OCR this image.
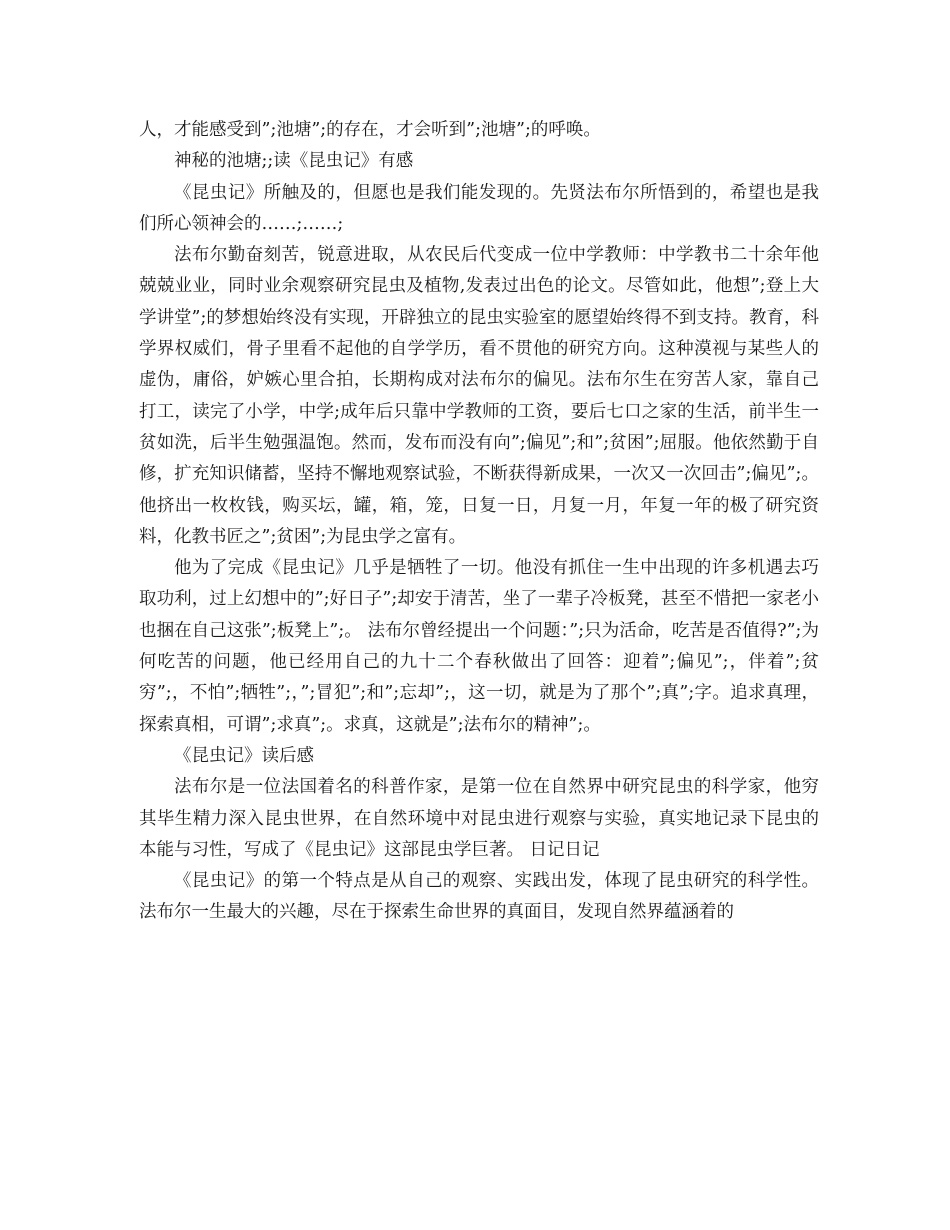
人，才能感受到”;池塘”;的存在，才会听到”;池塘”;的呼唤。

神秘的池塘;;读《昆虫记》有感

《昆虫记》所触及的，但愿也是我们能发现的。先贤法布尔所悟到的，希望也是我们所心领神会的……;……;

法布尔勤奋刻苦，锐意进取，从农民后代变成一位中学教师：中学教书二十余年他兢兢业业，同时业余观察研究昆虫及植物,发表过出色的论文。尽管如此，他想”;登上大学讲堂”;的梦想始终没有实现，开辟独立的昆虫实验室的愿望始终得不到支持。教育，科学界权威们，骨子里看不起他的自学学历，看不贯他的研究方向。这种漠视与某些人的虚伪，庸俗，妒嫉心里合拍，长期构成对法布尔的偏见。法布尔生在穷苦人家，靠自己打工，读完了小学，中学;成年后只靠中学教师的工资，要后七口之家的生活，前半生一贫如洗，后半生勉强温饱。然而，发布而没有向”;偏见”;和”;贫困”;屈服。他依然勤于自修，扩充知识储蓄，坚持不懈地观察试验，不断获得新成果，一次又一次回击”;偏见”;。他挤出一枚枚钱，购买坛，罐，箱，笼，日复一日，月复一月，年复一年的极了研究资料，化教书匠之”;贫困”;为昆虫学之富有。

他为了完成《昆虫记》几乎是牺牲了一切。他没有抓住一生中出现的许多机遇去巧取功利，过上幻想中的”;好日子”;却安于清苦，坐了一辈子冷板凳，甚至不惜把一家老小也捆在自己这张”;板凳上”;。 法布尔曾经提出一个问题：”;只为活命，吃苦是否值得?”;为何吃苦的问题，他已经用自己的九十二个春秋做出了回答：迎着”;偏见”;，伴着”;贫穷”;，不怕”;牺牲”;，”;冒犯”;和”;忘却”;，这一切，就是为了那个”;真”;字。追求真理，探索真相，可谓”;求真”;。求真，这就是”;法布尔的精神”;。

《昆虫记》读后感

法布尔是一位法国着名的科普作家，是第一位在自然界中研究昆虫的科学家，他穷其毕生精力深入昆虫世界，在自然环境中对昆虫进行观察与实验，真实地记录下昆虫的本能与习性，写成了《昆虫记》这部昆虫学巨著。 日记日记

《昆虫记》的第一个特点是从自己的观察、实践出发，体现了昆虫研究的科学性。法布尔一生最大的兴趣，尽在于探索生命世界的真面目，发现自然界蕴涵着的
